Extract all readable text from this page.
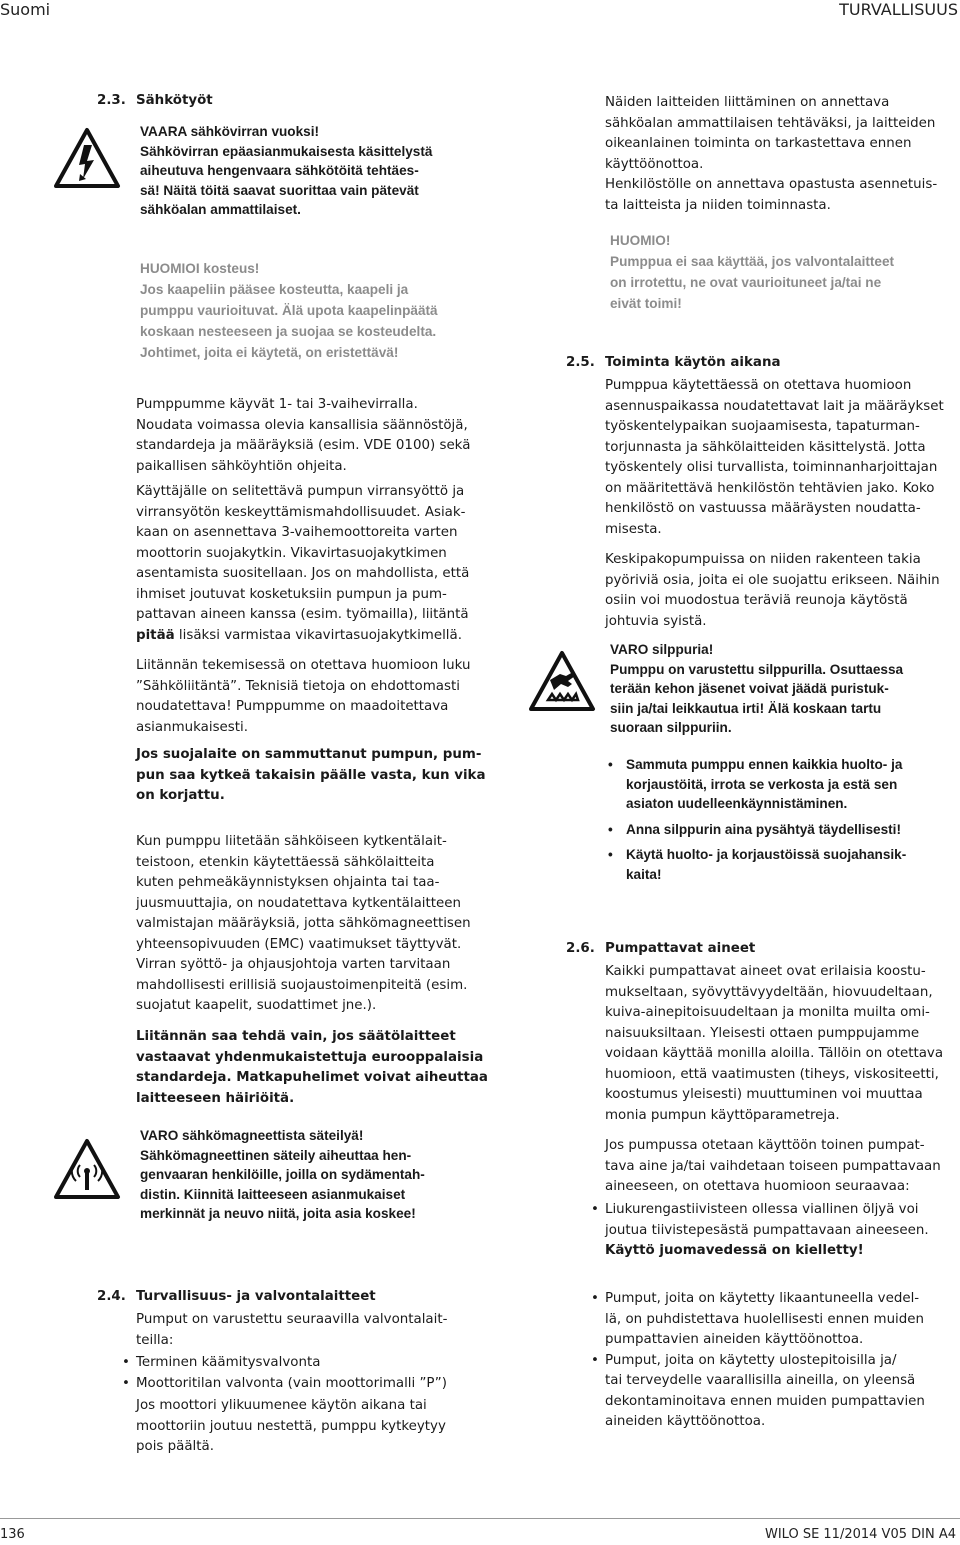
Suomi	TURVALLISUUS
2.3. Sähkötyöt
VAARA sähkövirran vuoksi!
Sähkövirran epäasianmukaisesta käsittelystä
aiheutuva hengenvaara sähkötöitä tehtäes-
sä! Näitä töitä saavat suorittaa vain pätevät
sähköalan ammattilaiset.
HUOMIOI kosteus!
Jos kaapeliin pääsee kosteutta, kaapeli ja
pumppu vaurioituvat. Älä upota kaapelinpäätä
koskaan nesteeseen ja suojaa se kosteudelta.
Johtimet, joita ei käytetä, on eristettävä!

Pumppumme käyvät 1- tai 3-vaihevirralla.

Noudata voimassa olevia kansallisia säännöstöjä,

standardeja ja määräyksiä (esim. VDE 0100) sekä

paikallisen sähköyhtiön ohjeita.

Käyttäjälle on selitettävä pumpun virransyöttö ja

virransyötön keskeyttämismahdollisuudet. Asiak-

kaan on asennettava 3-vaihemoottoreita varten

moottorin suojakytkin. Vikavirtasuojakytkimen

asentamista suositellaan. Jos on mahdollista, että

ihmiset joutuvat kosketuksiin pumpun ja pum-

pattavan aineen kanssa (esim. työmailla), liitäntä

pitää lisäksi varmistaa vikavirtasuojakytkimellä.

Liitännän tekemisessä on otettava huomioon luku

”Sähköliitäntä”. Teknisiä tietoja on ehdottomasti

noudatettava! Pumppumme on maadoitettava

asianmukaisesti.

Jos suojalaite on sammuttanut pumpun, pum-

pun saa kytkeä takaisin päälle vasta, kun vika

on korjattu.

Kun pumppu liitetään sähköiseen kytkentälait-

teistoon, etenkin käytettäessä sähkölaitteita

kuten pehmeäkäynnistyksen ohjainta tai taa-

juusmuuttajia, on noudatettava kytkentälaitteen

valmistajan määräyksiä, jotta sähkömagneettisen

yhteensopivuuden (EMC) vaatimukset täyttyvät.

Virran syöttö- ja ohjausjohtoja varten tarvitaan

mahdollisesti erillisiä suojaustoimenpiteitä (esim.

suojatut kaapelit, suodattimet jne.).

Liitännän saa tehdä vain, jos säätölaitteet

vastaavat yhdenmukaistettuja eurooppalaisia

standardeja. Matkapuhelimet voivat aiheuttaa

laitteeseen häiriöitä.

VARO sähkömagneettista säteilyä!
Sähkömagneettinen säteily aiheuttaa hen-
genvaaran henkilöille, joilla on sydämentah-
distin. Kiinnitä laitteeseen asianmukaiset
merkinnät ja neuvo niitä, joita asia koskee!
2.4. Turvallisuus- ja valvontalaitteet

Pumput on varustettu seuraavilla valvontalait-

teilla:

• Terminen käämitysvalvonta
• Moottoritilan valvonta (vain moottorimalli ”P”)

Jos moottori ylikuumenee käytön aikana tai

moottoriin joutuu nestettä, pumppu kytkeytyy

pois päältä.

Näiden laitteiden liittäminen on annettava

sähköalan ammattilaisen tehtäväksi, ja laitteiden

oikeanlainen toiminta on tarkastettava ennen

käyttöönottoa.

Henkilöstölle on annettava opastusta asennetuis-

ta laitteista ja niiden toiminnasta.

HUOMIO!
Pumppua ei saa käyttää, jos valvontalaitteet
on irrotettu, ne ovat vaurioituneet ja/tai ne
eivät toimi!
2.5. Toiminta käytön aikana

Pumppua käytettäessä on otettava huomioon

asennuspaikassa noudatettavat lait ja määräykset

työskentelypaikan suojaamisesta, tapaturman-

torjunnasta ja sähkölaitteiden käsittelystä. Jotta

työskentely olisi turvallista, toiminnanharjoittajan

on määritettävä henkilöstön tehtävien jako. Koko

henkilöstö on vastuussa määräysten noudatta-

misesta.

Keskipakopumpuissa on niiden rakenteen takia

pyöriviä osia, joita ei ole suojattu erikseen. Näihin

osiin voi muodostua teräviä reunoja käytöstä

johtuvia syistä.

VARO silppuria!
Pumppu on varustettu silppurilla. Osuttaessa
terään kehon jäsenet voivat jäädä puristuk-
siin ja/tai leikkautua irti! Älä koskaan tartu
suoraan silppuriin.
• Sammuta pumppu ennen kaikkia huolto- ja
korjaustöitä, irrota se verkosta ja estä sen
asiaton uudelleenkäynnistäminen.
• Anna silppurin aina pysähtyä täydellisesti!
• Käytä huolto- ja korjaustöissä suojahansik-
kaita!
2.6. Pumpattavat aineet

Kaikki pumpattavat aineet ovat erilaisia koostu-

mukseltaan, syövyttävyydeltään, hiovuudeltaan,

kuiva-ainepitoisuudeltaan ja monilta muilta omi-

naisuuksiltaan. Yleisesti ottaen pumppujamme

voidaan käyttää monilla aloilla. Tällöin on otettava

huomioon, että vaatimusten (tiheys, viskositeetti,

koostumus yleisesti) muuttuminen voi muuttaa

monia pumpun käyttöparametreja.

Jos pumpussa otetaan käyttöön toinen pumpat-

tava aine ja/tai vaihdetaan toiseen pumpattavaan

aineeseen, on otettava huomioon seuraavaa:

• Liukurengastiivisteen ollessa viallinen öljyä voi
joutua tiivistepesästä pumpattavaan aineeseen.
Käyttö juomavedessä on kielletty!
• Pumput, joita on käytetty likaantuneella vedel-
lä, on puhdistettava huolellisesti ennen muiden
pumpattavien aineiden käyttöönottoa.
• Pumput, joita on käytetty ulostepitoisilla ja/
tai terveydelle vaarallisilla aineilla, on yleensä
dekontaminoitava ennen muiden pumpattavien
aineiden käyttöönottoa.
136	WILO SE 11/2014 V05 DIN A4
